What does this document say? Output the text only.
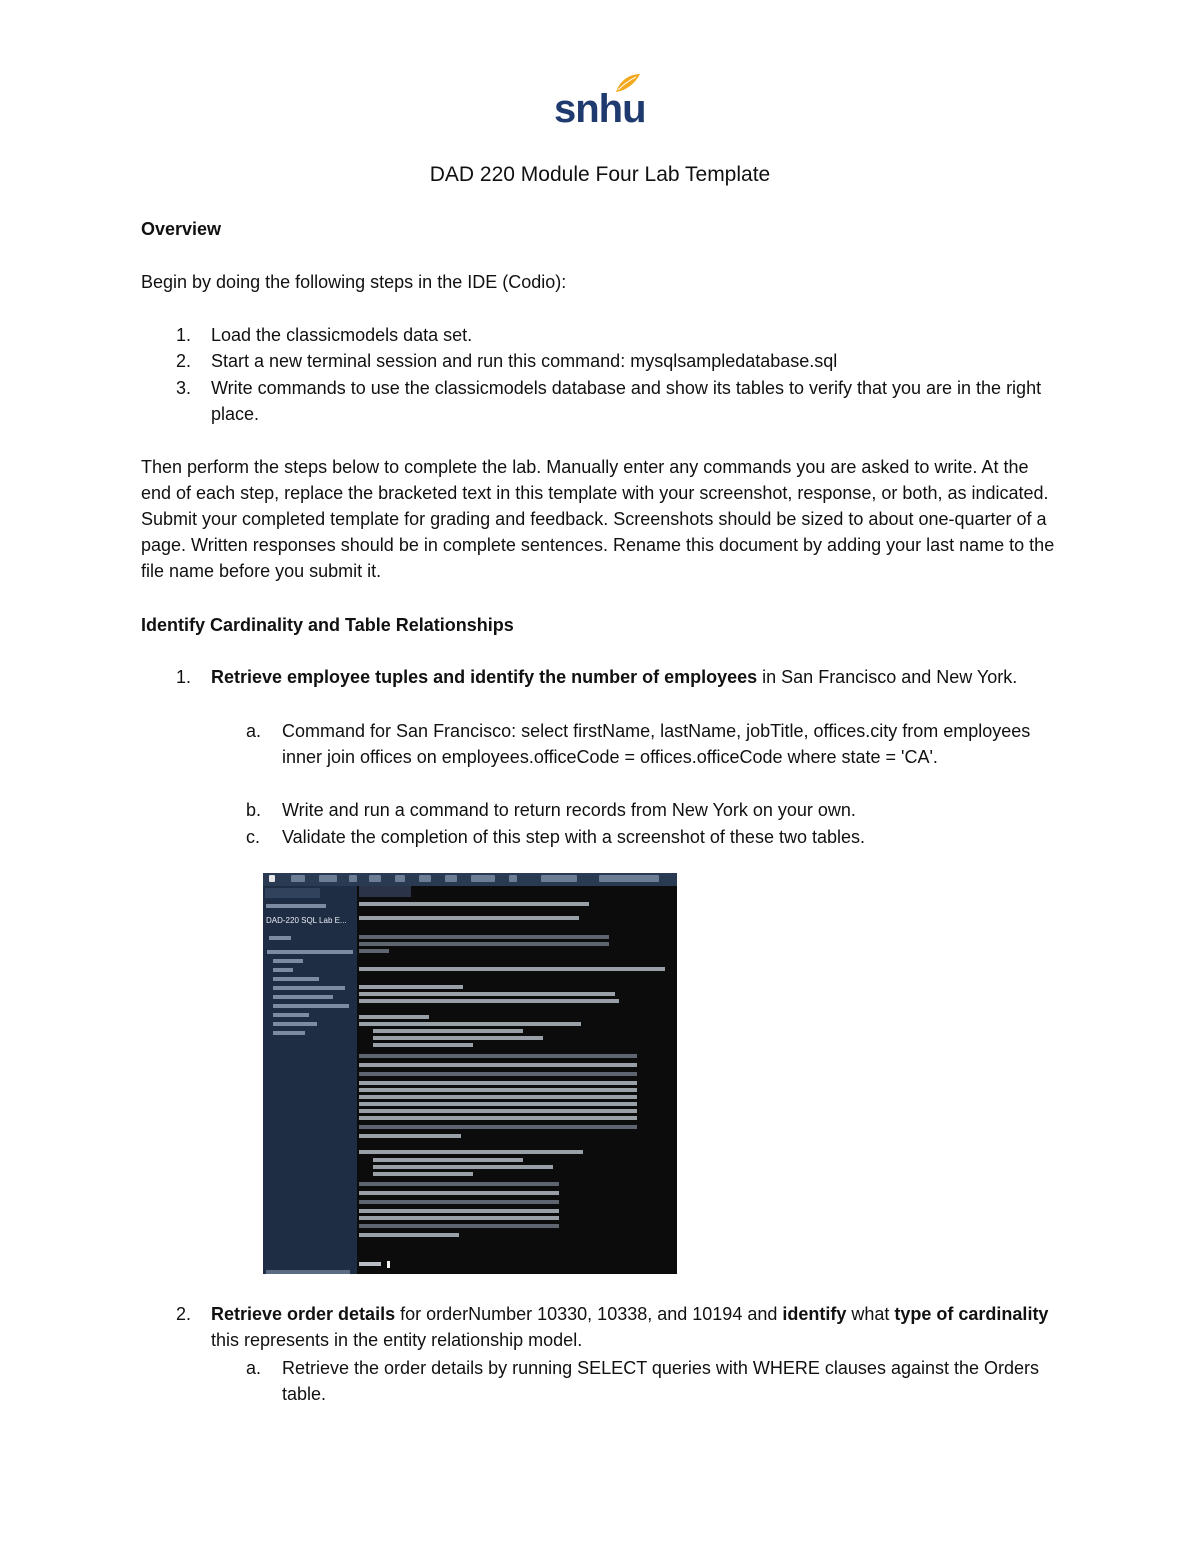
snhu
DAD 220 Module Four Lab Template
Overview
Begin by doing the following steps in the IDE (Codio):
1.	Load the classicmodels data set.
2.	Start a new terminal session and run this command: mysqlsampledatabase.sql
3.	Write commands to use the classicmodels database and show its tables to verify that you are in the right place.
Then perform the steps below to complete the lab. Manually enter any commands you are asked to write. At the end of each step, replace the bracketed text in this template with your screenshot, response, or both, as indicated. Submit your completed template for grading and feedback. Screenshots should be sized to about one-quarter of a page. Written responses should be in complete sentences. Rename this document by adding your last name to the file name before you submit it.
Identify Cardinality and Table Relationships
1.	Retrieve employee tuples and identify the number of employees in San Francisco and New York.
a.	Command for San Francisco: select firstName, lastName, jobTitle, offices.city from employees inner join offices on employees.officeCode = offices.officeCode where state = 'CA'.
b.	Write and run a command to return records from New York on your own.
c.	Validate the completion of this step with a screenshot of these two tables.
DAD-220 SQL Lab E...
2.	Retrieve order details for orderNumber 10330, 10338, and 10194 and identify what type of cardinality this represents in the entity relationship model.
a.	Retrieve the order details by running SELECT queries with WHERE clauses against the Orders table.
